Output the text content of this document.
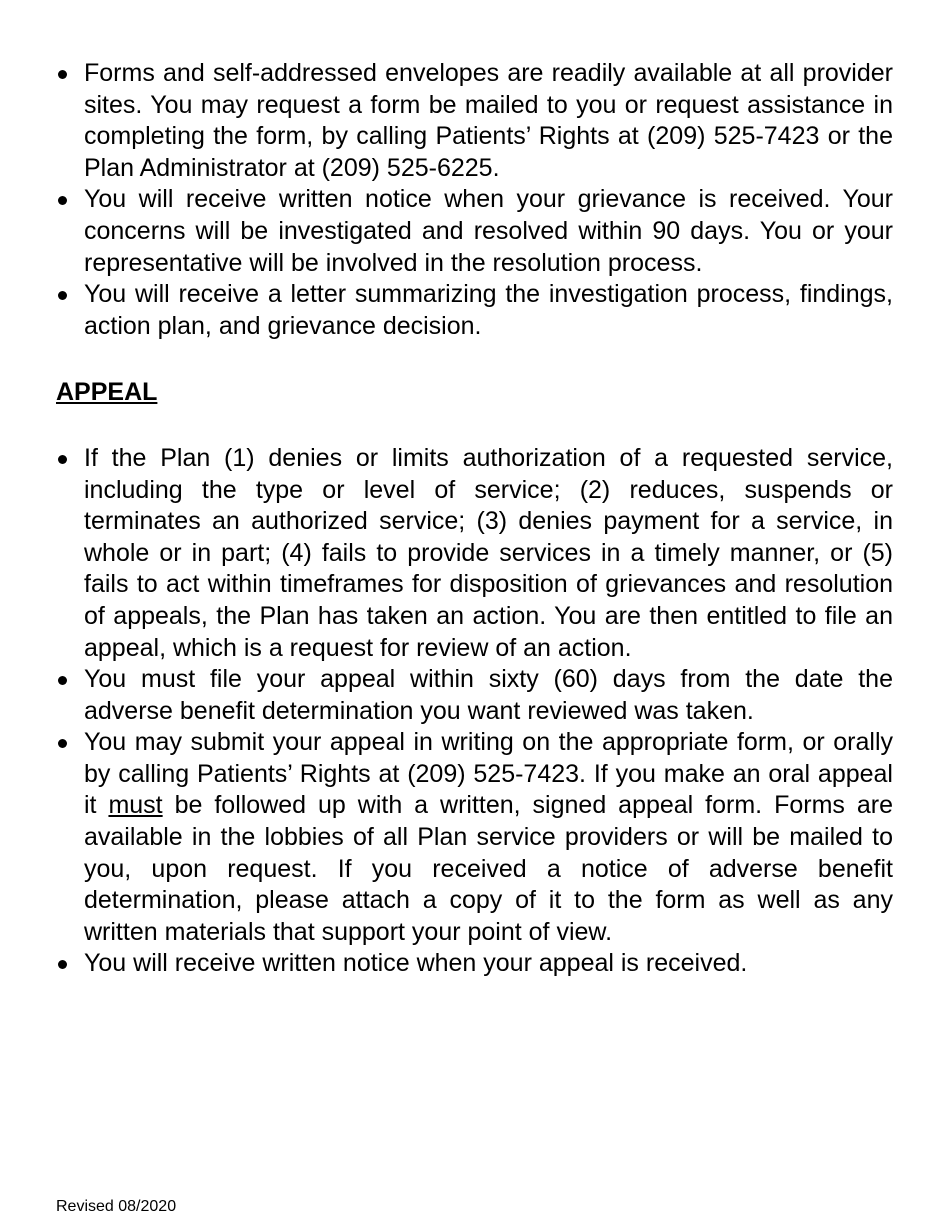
Forms and self-addressed envelopes are readily available at all provider sites. You may request a form be mailed to you or request assistance in completing the form, by calling Patients’ Rights at (209) 525-7423 or the Plan Administrator at (209) 525-6225.
You will receive written notice when your grievance is received. Your concerns will be investigated and resolved within 90 days. You or your representative will be involved in the resolution process.
You will receive a letter summarizing the investigation process, findings, action plan, and grievance decision.
APPEAL
If the Plan (1) denies or limits authorization of a requested service, including the type or level of service; (2) reduces, suspends or terminates an authorized service; (3) denies payment for a service, in whole or in part; (4) fails to provide services in a timely manner, or (5) fails to act within timeframes for disposition of grievances and resolution of appeals, the Plan has taken an action. You are then entitled to file an appeal, which is a request for review of an action.
You must file your appeal within sixty (60) days from the date the adverse benefit determination you want reviewed was taken.
You may submit your appeal in writing on the appropriate form, or orally by calling Patients’ Rights at (209) 525-7423. If you make an oral appeal it must be followed up with a written, signed appeal form. Forms are available in the lobbies of all Plan service providers or will be mailed to you, upon request. If you received a notice of adverse benefit determination, please attach a copy of it to the form as well as any written materials that support your point of view.
You will receive written notice when your appeal is received.
Revised 08/2020
